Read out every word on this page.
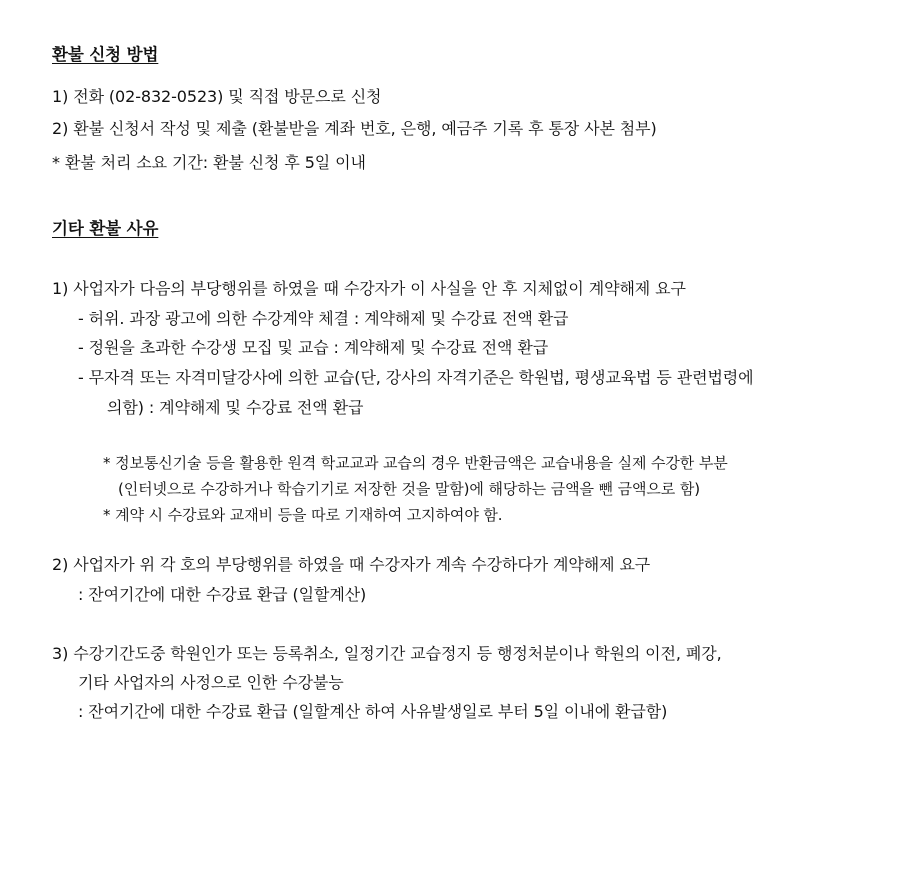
환불 신청 방법
1) 전화 (02-832-0523) 및 직접 방문으로 신청
2) 환불 신청서 작성 및 제출 (환불받을 계좌 번호, 은행, 예금주 기록 후 통장 사본 첨부)
* 환불 처리 소요 기간: 환불 신청 후 5일 이내
기타 환불 사유
1) 사업자가 다음의 부당행위를 하였을 때 수강자가 이 사실을 안 후 지체없이 계약해제 요구
- 허위. 과장 광고에 의한 수강계약 체결 : 계약해제 및 수강료 전액 환급
- 정원을 초과한 수강생 모집 및 교습 : 계약해제 및 수강료 전액 환급
- 무자격 또는 자격미달강사에 의한 교습(단, 강사의 자격기준은 학원법, 평생교육법 등 관련법령에
의함) : 계약해제 및 수강료 전액 환급
* 정보통신기술 등을 활용한 원격 학교교과 교습의 경우 반환금액은 교습내용을 실제 수강한 부분
(인터넷으로 수강하거나 학습기기로 저장한 것을 말함)에 해당하는 금액을 뺀 금액으로 함)
* 계약 시 수강료와 교재비 등을 따로 기재하여 고지하여야 함.
2) 사업자가 위 각 호의 부당행위를 하였을 때 수강자가 계속 수강하다가 계약해제 요구
: 잔여기간에 대한 수강료 환급 (일할계산)
3) 수강기간도중 학원인가 또는 등록취소, 일정기간 교습정지 등 행정처분이나 학원의 이전, 폐강,
기타 사업자의 사정으로 인한 수강불능
: 잔여기간에 대한 수강료 환급 (일할계산 하여 사유발생일로 부터 5일 이내에 환급함)
